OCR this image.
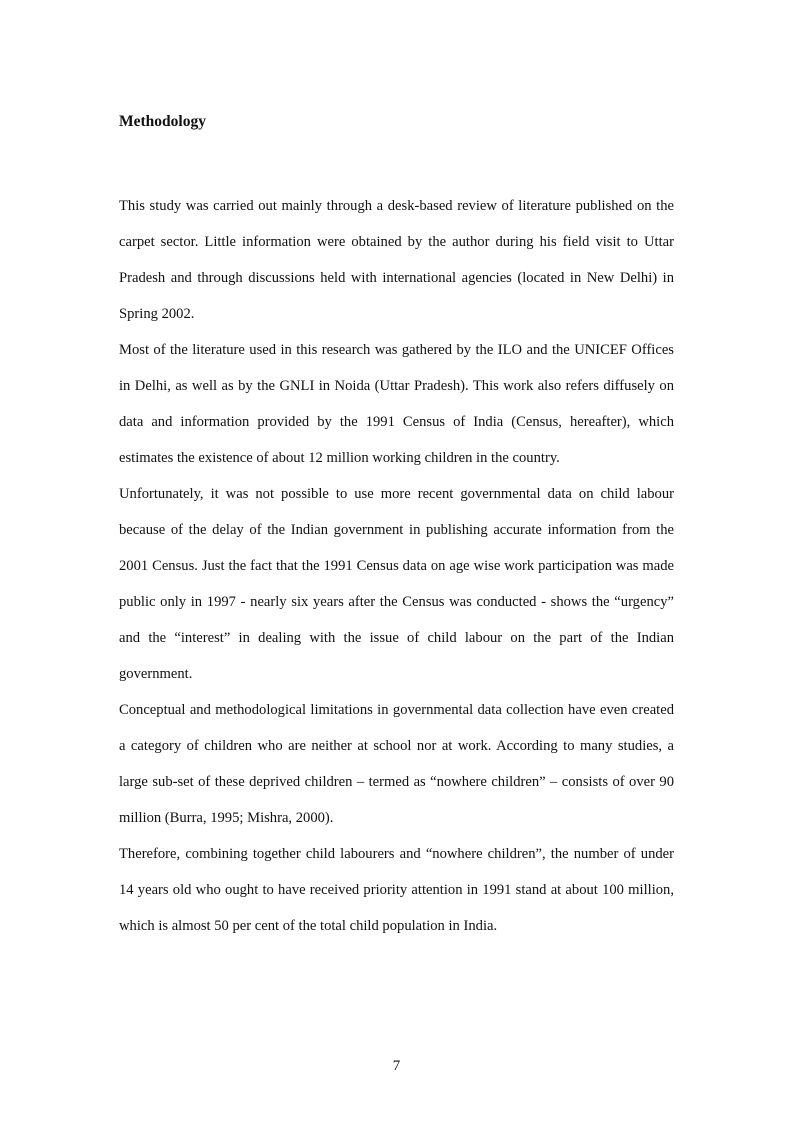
Methodology

This study was carried out mainly through a desk-based review of literature published on the carpet sector. Little information were obtained by the author during his field visit to Uttar Pradesh and through discussions held with international agencies (located in New Delhi) in Spring 2002.

Most of the literature used in this research was gathered by the ILO and the UNICEF Offices in Delhi, as well as by the GNLI in Noida (Uttar Pradesh). This work also refers diffusely on data and information provided by the 1991 Census of India (Census, hereafter), which estimates the existence of about 12 million working children in the country.

Unfortunately, it was not possible to use more recent governmental data on child labour because of the delay of the Indian government in publishing accurate information from the 2001 Census. Just the fact that the 1991 Census data on age wise work participation was made public only in 1997 - nearly six years after the Census was conducted - shows the “urgency” and the “interest” in dealing with the issue of child labour on the part of the Indian government.

Conceptual and methodological limitations in governmental data collection have even created a category of children who are neither at school nor at work. According to many studies, a large sub-set of these deprived children – termed as “nowhere children” – consists of over 90 million (Burra, 1995; Mishra, 2000).

Therefore, combining together child labourers and “nowhere children”, the number of under 14 years old who ought to have received priority attention in 1991 stand at about 100 million, which is almost 50 per cent of the total child population in India.

7
